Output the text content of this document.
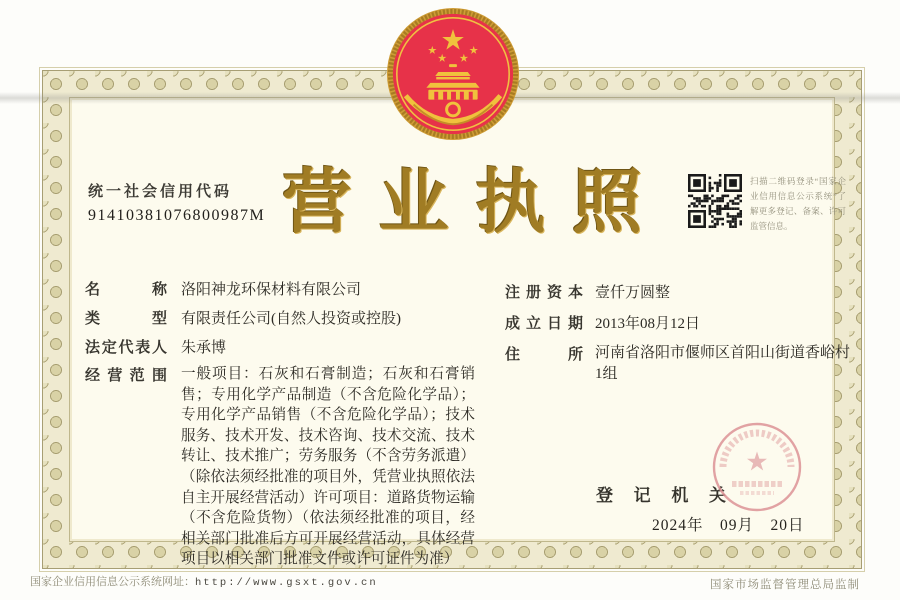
统一社会信用代码
91410381076800987M 营 业 执 照	扫描二维码登录“国家企业信用信息公示系统”了解更多登记、备案、许可监管信息。
名	称 洛阳神龙环保材料有限公司
类	型 有限责任公司(自然人投资或控股)
法 定 代 表 人 朱承博
经 营 范 围 一般项目：石灰和石膏制造；石灰和石膏销售；专用化学产品制造（不含危险化学品）；专用化学产品销售（不含危险化学品）；技术服务、技术开发、技术咨询、技术交流、技术转让、技术推广；劳务服务（不含劳务派遣）（除依法须经批准的项目外，凭营业执照依法自主开展经营活动）许可项目：道路货物运输（不含危险货物）（依法须经批准的项目，经相关部门批准后方可开展经营活动，具体经营项目以相关部门批准文件或许可证件为准）
注 册 资 本 壹仟万圆整
成 立 日 期 2013年08月12日
住	所 河南省洛阳市偃师区首阳山街道香峪村1组
登 记 机 关
2024年　09月　20日
国家企业信用信息公示系统网址：http://www.gsxt.gov.cn	国家市场监督管理总局监制
